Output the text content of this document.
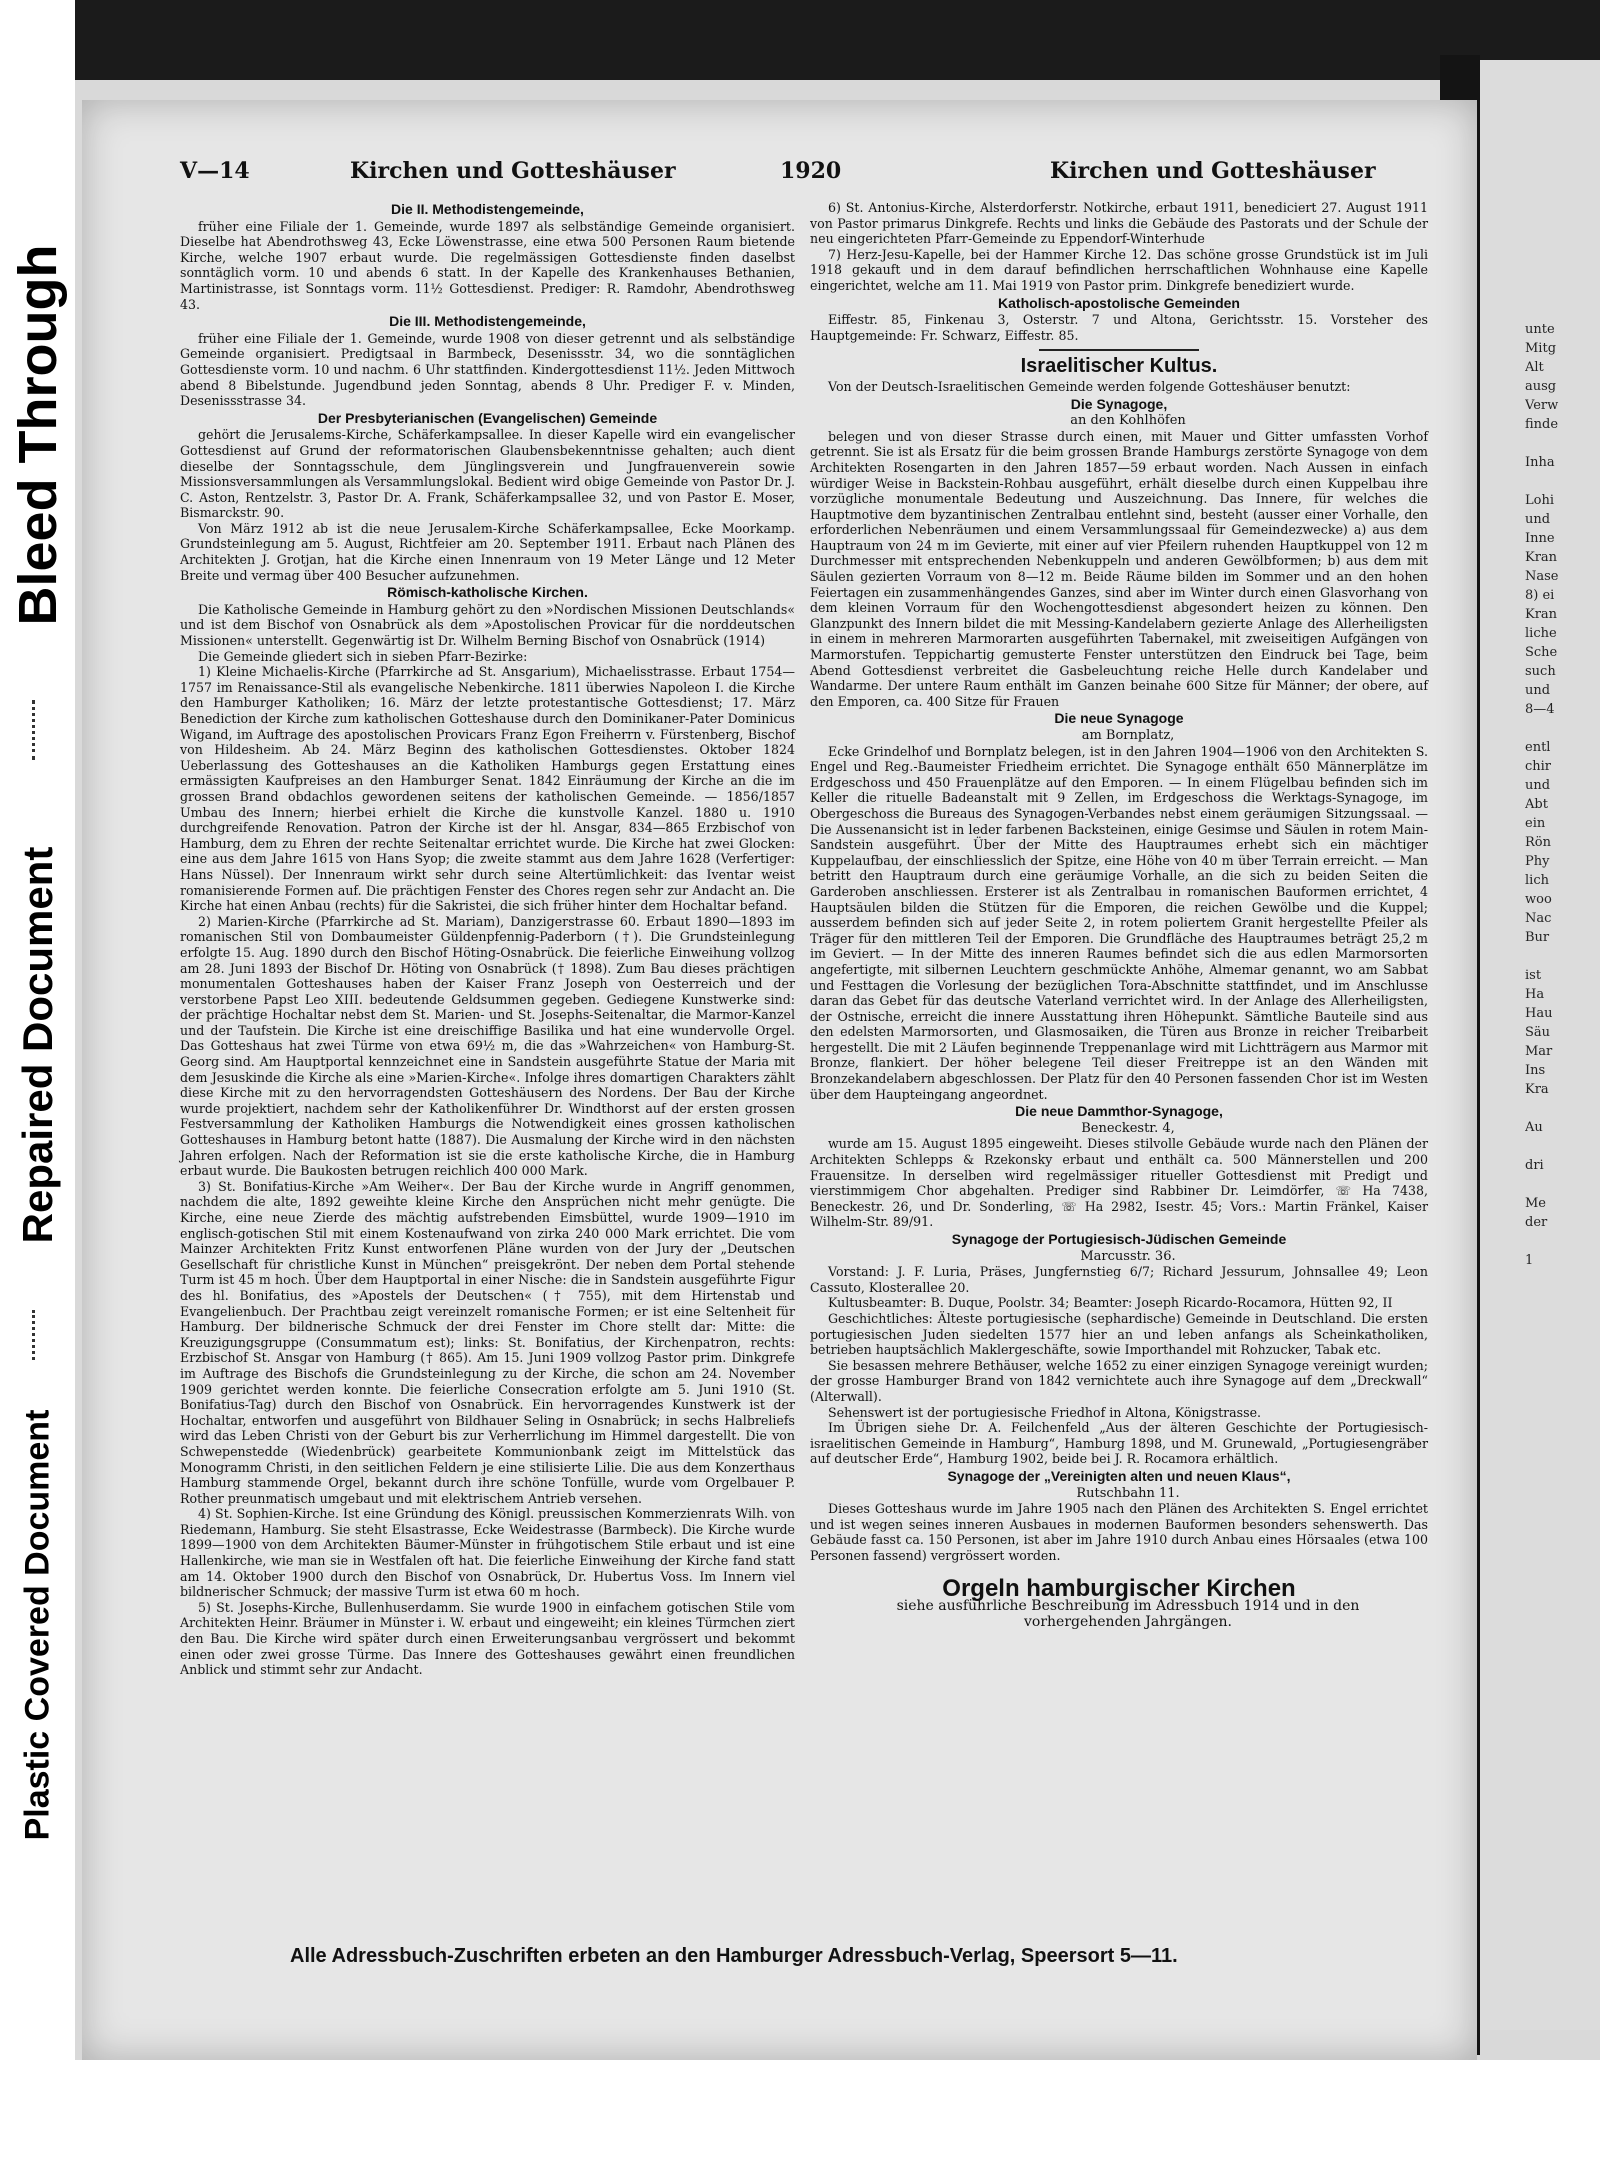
Bleed Through
Repaired Document
Plastic Covered Document
V—14	Kirchen und Gotteshäuser	1920	Kirchen und Gotteshäuser
Die II. Methodistengemeinde,

früher eine Filiale der 1. Gemeinde, wurde 1897 als selbständige Gemeinde organisiert. Dieselbe hat Abendrothsweg 43, Ecke Löwenstrasse, eine etwa 500 Personen Raum bietende Kirche, welche 1907 erbaut wurde. Die regelmässigen Gottesdienste finden daselbst sonntäglich vorm. 10 und abends 6 statt. In der Kapelle des Krankenhauses Bethanien, Martinistrasse, ist Sonntags vorm. 11½ Gottesdienst. Prediger: R. Ramdohr, Abendrothsweg 43.

Die III. Methodistengemeinde,

früher eine Filiale der 1. Gemeinde, wurde 1908 von dieser getrennt und als selbständige Gemeinde organisiert. Predigtsaal in Barmbeck, Desenissstr. 34, wo die sonntäglichen Gottesdienste vorm. 10 und nachm. 6 Uhr stattfinden. Kindergottesdienst 11½. Jeden Mittwoch abend 8 Bibelstunde. Jugendbund jeden Sonntag, abends 8 Uhr. Prediger F. v. Minden, Desenissstrasse 34.

Der Presbyterianischen (Evangelischen) Gemeinde

gehört die Jerusalems-Kirche, Schäferkampsallee. In dieser Kapelle wird ein evangelischer Gottesdienst auf Grund der reformatorischen Glaubensbekenntnisse gehalten; auch dient dieselbe der Sonntagsschule, dem Jünglingsverein und Jungfrauenverein sowie Missionsversammlungen als Versammlungslokal. Bedient wird obige Gemeinde von Pastor Dr. J. C. Aston, Rentzelstr. 3, Pastor Dr. A. Frank, Schäferkampsallee 32, und von Pastor E. Moser, Bismarckstr. 90.

Von März 1912 ab ist die neue Jerusalem-Kirche Schäferkampsallee, Ecke Moorkamp. Grundsteinlegung am 5. August, Richtfeier am 20. September 1911. Erbaut nach Plänen des Architekten J. Grotjan, hat die Kirche einen Innenraum von 19 Meter Länge und 12 Meter Breite und vermag über 400 Besucher aufzunehmen.

Römisch-katholische Kirchen.

Die Katholische Gemeinde in Hamburg gehört zu den »Nordischen Missionen Deutschlands« und ist dem Bischof von Osnabrück als dem »Apostolischen Provicar für die norddeutschen Missionen« unterstellt. Gegenwärtig ist Dr. Wilhelm Berning Bischof von Osnabrück (1914)

Die Gemeinde gliedert sich in sieben Pfarr-Bezirke:

1) Kleine Michaelis-Kirche (Pfarrkirche ad St. Ansgarium), Michaelisstrasse. Erbaut 1754—1757 im Renaissance-Stil als evangelische Nebenkirche. 1811 überwies Napoleon I. die Kirche den Hamburger Katholiken; 16. März der letzte protestantische Gottesdienst; 17. März Benediction der Kirche zum katholischen Gotteshause durch den Dominikaner-Pater Dominicus Wigand, im Auftrage des apostolischen Provicars Franz Egon Freiherrn v. Fürstenberg, Bischof von Hildesheim. Ab 24. März Beginn des katholischen Gottesdienstes. Oktober 1824 Ueberlassung des Gotteshauses an die Katholiken Hamburgs gegen Erstattung eines ermässigten Kaufpreises an den Hamburger Senat. 1842 Einräumung der Kirche an die im grossen Brand obdachlos gewordenen seitens der katholischen Gemeinde. — 1856/1857 Umbau des Innern; hierbei erhielt die Kirche die kunstvolle Kanzel. 1880 u. 1910 durchgreifende Renovation. Patron der Kirche ist der hl. Ansgar, 834—865 Erzbischof von Hamburg, dem zu Ehren der rechte Seitenaltar errichtet wurde. Die Kirche hat zwei Glocken: eine aus dem Jahre 1615 von Hans Syop; die zweite stammt aus dem Jahre 1628 (Verfertiger: Hans Nüssel). Der Innenraum wirkt sehr durch seine Altertümlichkeit: das Iventar weist romanisierende Formen auf. Die prächtigen Fenster des Chores regen sehr zur Andacht an. Die Kirche hat einen Anbau (rechts) für die Sakristei, die sich früher hinter dem Hochaltar befand.

2) Marien-Kirche (Pfarrkirche ad St. Mariam), Danzigerstrasse 60. Erbaut 1890—1893 im romanischen Stil von Dombaumeister Güldenpfennig-Paderborn (†). Die Grundsteinlegung erfolgte 15. Aug. 1890 durch den Bischof Höting-Osnabrück. Die feierliche Einweihung vollzog am 28. Juni 1893 der Bischof Dr. Höting von Osnabrück († 1898). Zum Bau dieses prächtigen monumentalen Gotteshauses haben der Kaiser Franz Joseph von Oesterreich und der verstorbene Papst Leo XIII. bedeutende Geldsummen gegeben. Gediegene Kunstwerke sind: der prächtige Hochaltar nebst dem St. Marien- und St. Josephs-Seitenaltar, die Marmor-Kanzel und der Taufstein. Die Kirche ist eine dreischiffige Basilika und hat eine wundervolle Orgel. Das Gotteshaus hat zwei Türme von etwa 69½ m, die das »Wahrzeichen« von Hamburg-St. Georg sind. Am Hauptportal kennzeichnet eine in Sandstein ausgeführte Statue der Maria mit dem Jesuskinde die Kirche als eine »Marien-Kirche«. Infolge ihres domartigen Charakters zählt diese Kirche mit zu den hervorragendsten Gotteshäusern des Nordens. Der Bau der Kirche wurde projektiert, nachdem sehr der Katholikenführer Dr. Windthorst auf der ersten grossen Festversammlung der Katholiken Hamburgs die Notwendigkeit eines grossen katholischen Gotteshauses in Hamburg betont hatte (1887). Die Ausmalung der Kirche wird in den nächsten Jahren erfolgen. Nach der Reformation ist sie die erste katholische Kirche, die in Hamburg erbaut wurde. Die Baukosten betrugen reichlich 400 000 Mark.

3) St. Bonifatius-Kirche »Am Weiher«. Der Bau der Kirche wurde in Angriff genommen, nachdem die alte, 1892 geweihte kleine Kirche den Ansprüchen nicht mehr genügte. Die Kirche, eine neue Zierde des mächtig aufstrebenden Eimsbüttel, wurde 1909—1910 im englisch-gotischen Stil mit einem Kostenaufwand von zirka 240 000 Mark errichtet. Die vom Mainzer Architekten Fritz Kunst entworfenen Pläne wurden von der Jury der „Deutschen Gesellschaft für christliche Kunst in München“ preisgekrönt. Der neben dem Portal stehende Turm ist 45 m hoch. Über dem Hauptportal in einer Nische: die in Sandstein ausgeführte Figur des hl. Bonifatius, des »Apostels der Deutschen« († 755), mit dem Hirtenstab und Evangelienbuch. Der Prachtbau zeigt vereinzelt romanische Formen; er ist eine Seltenheit für Hamburg. Der bildnerische Schmuck der drei Fenster im Chore stellt dar: Mitte: die Kreuzigungsgruppe (Consummatum est); links: St. Bonifatius, der Kirchenpatron, rechts: Erzbischof St. Ansgar von Hamburg († 865). Am 15. Juni 1909 vollzog Pastor prim. Dinkgrefe im Auftrage des Bischofs die Grundsteinlegung zu der Kirche, die schon am 24. November 1909 gerichtet werden konnte. Die feierliche Consecration erfolgte am 5. Juni 1910 (St. Bonifatius-Tag) durch den Bischof von Osnabrück. Ein hervorragendes Kunstwerk ist der Hochaltar, entworfen und ausgeführt von Bildhauer Seling in Osnabrück; in sechs Halbreliefs wird das Leben Christi von der Geburt bis zur Verherrlichung im Himmel dargestellt. Die von Schwepenstedde (Wiedenbrück) gearbeitete Kommunionbank zeigt im Mittelstück das Monogramm Christi, in den seitlichen Feldern je eine stilisierte Lilie. Die aus dem Konzerthaus Hamburg stammende Orgel, bekannt durch ihre schöne Tonfülle, wurde vom Orgelbauer P. Rother preunmatisch umgebaut und mit elektrischem Antrieb versehen.

4) St. Sophien-Kirche. Ist eine Gründung des Königl. preussischen Kommerzienrats Wilh. von Riedemann, Hamburg. Sie steht Elsastrasse, Ecke Weidestrasse (Barmbeck). Die Kirche wurde 1899—1900 von dem Architekten Bäumer-Münster in frühgotischem Stile erbaut und ist eine Hallenkirche, wie man sie in Westfalen oft hat. Die feierliche Einweihung der Kirche fand statt am 14. Oktober 1900 durch den Bischof von Osnabrück, Dr. Hubertus Voss. Im Innern viel bildnerischer Schmuck; der massive Turm ist etwa 60 m hoch.

5) St. Josephs-Kirche, Bullenhuserdamm. Sie wurde 1900 in einfachem gotischen Stile vom Architekten Heinr. Bräumer in Münster i. W. erbaut und eingeweiht; ein kleines Türmchen ziert den Bau. Die Kirche wird später durch einen Erweiterungsanbau vergrössert und bekommt einen oder zwei grosse Türme. Das Innere des Gotteshauses gewährt einen freundlichen Anblick und stimmt sehr zur Andacht.

6) St. Antonius-Kirche, Alsterdorferstr. Notkirche, erbaut 1911, benediciert 27. August 1911 von Pastor primarus Dinkgrefe. Rechts und links die Gebäude des Pastorats und der Schule der neu eingerichteten Pfarr-Gemeinde zu Eppendorf-Winterhude

7) Herz-Jesu-Kapelle, bei der Hammer Kirche 12. Das schöne grosse Grundstück ist im Juli 1918 gekauft und in dem darauf befindlichen herrschaftlichen Wohnhause eine Kapelle eingerichtet, welche am 11. Mai 1919 von Pastor prim. Dinkgrefe benediziert wurde.

Katholisch-apostolische Gemeinden

Eiffestr. 85, Finkenau 3, Osterstr. 7 und Altona, Gerichtsstr. 15. Vorsteher des Hauptgemeinde: Fr. Schwarz, Eiffestr. 85.

Israelitischer Kultus.

Von der Deutsch-Israelitischen Gemeinde werden folgende Gotteshäuser benutzt:

Die Synagoge,

an den Kohlhöfen

belegen und von dieser Strasse durch einen, mit Mauer und Gitter umfassten Vorhof getrennt. Sie ist als Ersatz für die beim grossen Brande Hamburgs zerstörte Synagoge von dem Architekten Rosengarten in den Jahren 1857—59 erbaut worden. Nach Aussen in einfach würdiger Weise in Backstein-Rohbau ausgeführt, erhält dieselbe durch einen Kuppelbau ihre vorzügliche monumentale Bedeutung und Auszeichnung. Das Innere, für welches die Hauptmotive dem byzantinischen Zentralbau entlehnt sind, besteht (ausser einer Vorhalle, den erforderlichen Nebenräumen und einem Versammlungssaal für Gemeindezwecke) a) aus dem Hauptraum von 24 m im Gevierte, mit einer auf vier Pfeilern ruhenden Hauptkuppel von 12 m Durchmesser mit entsprechenden Nebenkuppeln und anderen Gewölbformen; b) aus dem mit Säulen gezierten Vorraum von 8—12 m. Beide Räume bilden im Sommer und an den hohen Feiertagen ein zusammenhängendes Ganzes, sind aber im Winter durch einen Glasvorhang von dem kleinen Vorraum für den Wochengottesdienst abgesondert heizen zu können. Den Glanzpunkt des Innern bildet die mit Messing-Kandelabern gezierte Anlage des Allerheiligsten in einem in mehreren Marmorarten ausgeführten Tabernakel, mit zweiseitigen Aufgängen von Marmorstufen. Teppichartig gemusterte Fenster unterstützen den Eindruck bei Tage, beim Abend Gottesdienst verbreitet die Gasbeleuchtung reiche Helle durch Kandelaber und Wandarme. Der untere Raum enthält im Ganzen beinahe 600 Sitze für Männer; der obere, auf den Emporen, ca. 400 Sitze für Frauen

Die neue Synagoge

am Bornplatz,

Ecke Grindelhof und Bornplatz belegen, ist in den Jahren 1904—1906 von den Architekten S. Engel und Reg.-Baumeister Friedheim errichtet. Die Synagoge enthält 650 Männerplätze im Erdgeschoss und 450 Frauenplätze auf den Emporen. — In einem Flügelbau befinden sich im Keller die rituelle Badeanstalt mit 9 Zellen, im Erdgeschoss die Werktags-Synagoge, im Obergeschoss die Bureaus des Synagogen-Verbandes nebst einem geräumigen Sitzungssaal. — Die Aussenansicht ist in leder farbenen Backsteinen, einige Gesimse und Säulen in rotem Main-Sandstein ausgeführt. Über der Mitte des Hauptraumes erhebt sich ein mächtiger Kuppelaufbau, der einschliesslich der Spitze, eine Höhe von 40 m über Terrain erreicht. — Man betritt den Hauptraum durch eine geräumige Vorhalle, an die sich zu beiden Seiten die Garderoben anschliessen. Ersterer ist als Zentralbau in romanischen Bauformen errichtet, 4 Hauptsäulen bilden die Stützen für die Emporen, die reichen Gewölbe und die Kuppel; ausserdem befinden sich auf jeder Seite 2, in rotem poliertem Granit hergestellte Pfeiler als Träger für den mittleren Teil der Emporen. Die Grundfläche des Hauptraumes beträgt 25,2 m im Geviert. — In der Mitte des inneren Raumes befindet sich die aus edlen Marmorsorten angefertigte, mit silbernen Leuchtern geschmückte Anhöhe, Almemar genannt, wo am Sabbat und Festtagen die Vorlesung der bezüglichen Tora-Abschnitte stattfindet, und im Anschlusse daran das Gebet für das deutsche Vaterland verrichtet wird. In der Anlage des Allerheiligsten, der Ostnische, erreicht die innere Ausstattung ihren Höhepunkt. Sämtliche Bauteile sind aus den edelsten Marmorsorten, und Glasmosaiken, die Türen aus Bronze in reicher Treibarbeit hergestellt. Die mit 2 Läufen beginnende Treppenanlage wird mit Lichtträgern aus Marmor mit Bronze, flankiert. Der höher belegene Teil dieser Freitreppe ist an den Wänden mit Bronzekandelabern abgeschlossen. Der Platz für den 40 Personen fassenden Chor ist im Westen über dem Haupteingang angeordnet.

Die neue Dammthor-Synagoge,

Beneckestr. 4,

wurde am 15. August 1895 eingeweiht. Dieses stilvolle Gebäude wurde nach den Plänen der Architekten Schlepps & Rzekonsky erbaut und enthält ca. 500 Männerstellen und 200 Frauensitze. In derselben wird regelmässiger ritueller Gottesdienst mit Predigt und vierstimmigem Chor abgehalten. Prediger sind Rabbiner Dr. Leimdörfer, ☏ Ha 7438, Beneckestr. 26, und Dr. Sonderling, ☏ Ha 2982, Isestr. 45; Vors.: Martin Fränkel, Kaiser Wilhelm-Str. 89/91.

Synagoge der Portugiesisch-Jüdischen Gemeinde

Marcusstr. 36.

Vorstand: J. F. Luria, Präses, Jungfernstieg 6/7; Richard Jessurum, Johnsallee 49; Leon Cassuto, Klosterallee 20.

Kultusbeamter: B. Duque, Poolstr. 34; Beamter: Joseph Ricardo-Rocamora, Hütten 92, II

Geschichtliches: Älteste portugiesische (sephardische) Gemeinde in Deutschland. Die ersten portugiesischen Juden siedelten 1577 hier an und leben anfangs als Scheinkatholiken, betrieben hauptsächlich Maklergeschäfte, sowie Importhandel mit Rohzucker, Tabak etc.

Sie besassen mehrere Bethäuser, welche 1652 zu einer einzigen Synagoge vereinigt wurden; der grosse Hamburger Brand von 1842 vernichtete auch ihre Synagoge auf dem „Dreckwall“ (Alterwall).

Sehenswert ist der portugiesische Friedhof in Altona, Königstrasse.

Im Übrigen siehe Dr. A. Feilchenfeld „Aus der älteren Geschichte der Portugiesisch-israelitischen Gemeinde in Hamburg“, Hamburg 1898, und M. Grunewald, „Portugiesengräber auf deutscher Erde“, Hamburg 1902, beide bei J. R. Rocamora erhältlich.

Synagoge der „Vereinigten alten und neuen Klaus“,

Rutschbahn 11.

Dieses Gotteshaus wurde im Jahre 1905 nach den Plänen des Architekten S. Engel errichtet und ist wegen seines inneren Ausbaues in modernen Bauformen besonders sehenswerth. Das Gebäude fasst ca. 150 Personen, ist aber im Jahre 1910 durch Anbau eines Hörsaales (etwa 100 Personen fassend) vergrössert worden.

Orgeln hamburgischer Kirchen

siehe ausführliche Beschreibung im Adressbuch 1914 und in den

vorhergehenden Jahrgängen.

Alle Adressbuch-Zuschriften erbeten an den Hamburger Adressbuch-Verlag, Speersort 5—11.
unte
Mitg
Alt
ausg
Verw
finde

Inha

Lohi
und
Inne
Kran
Nase
8) ei
Kran
liche
Sche
such
und
8—4

entl
chir
und
Abt
ein
Rön
Phy
lich
woo
Nac
Bur

ist
Ha
Hau
Säu
Mar
Ins
Kra

Au

dri

Me
der

1
